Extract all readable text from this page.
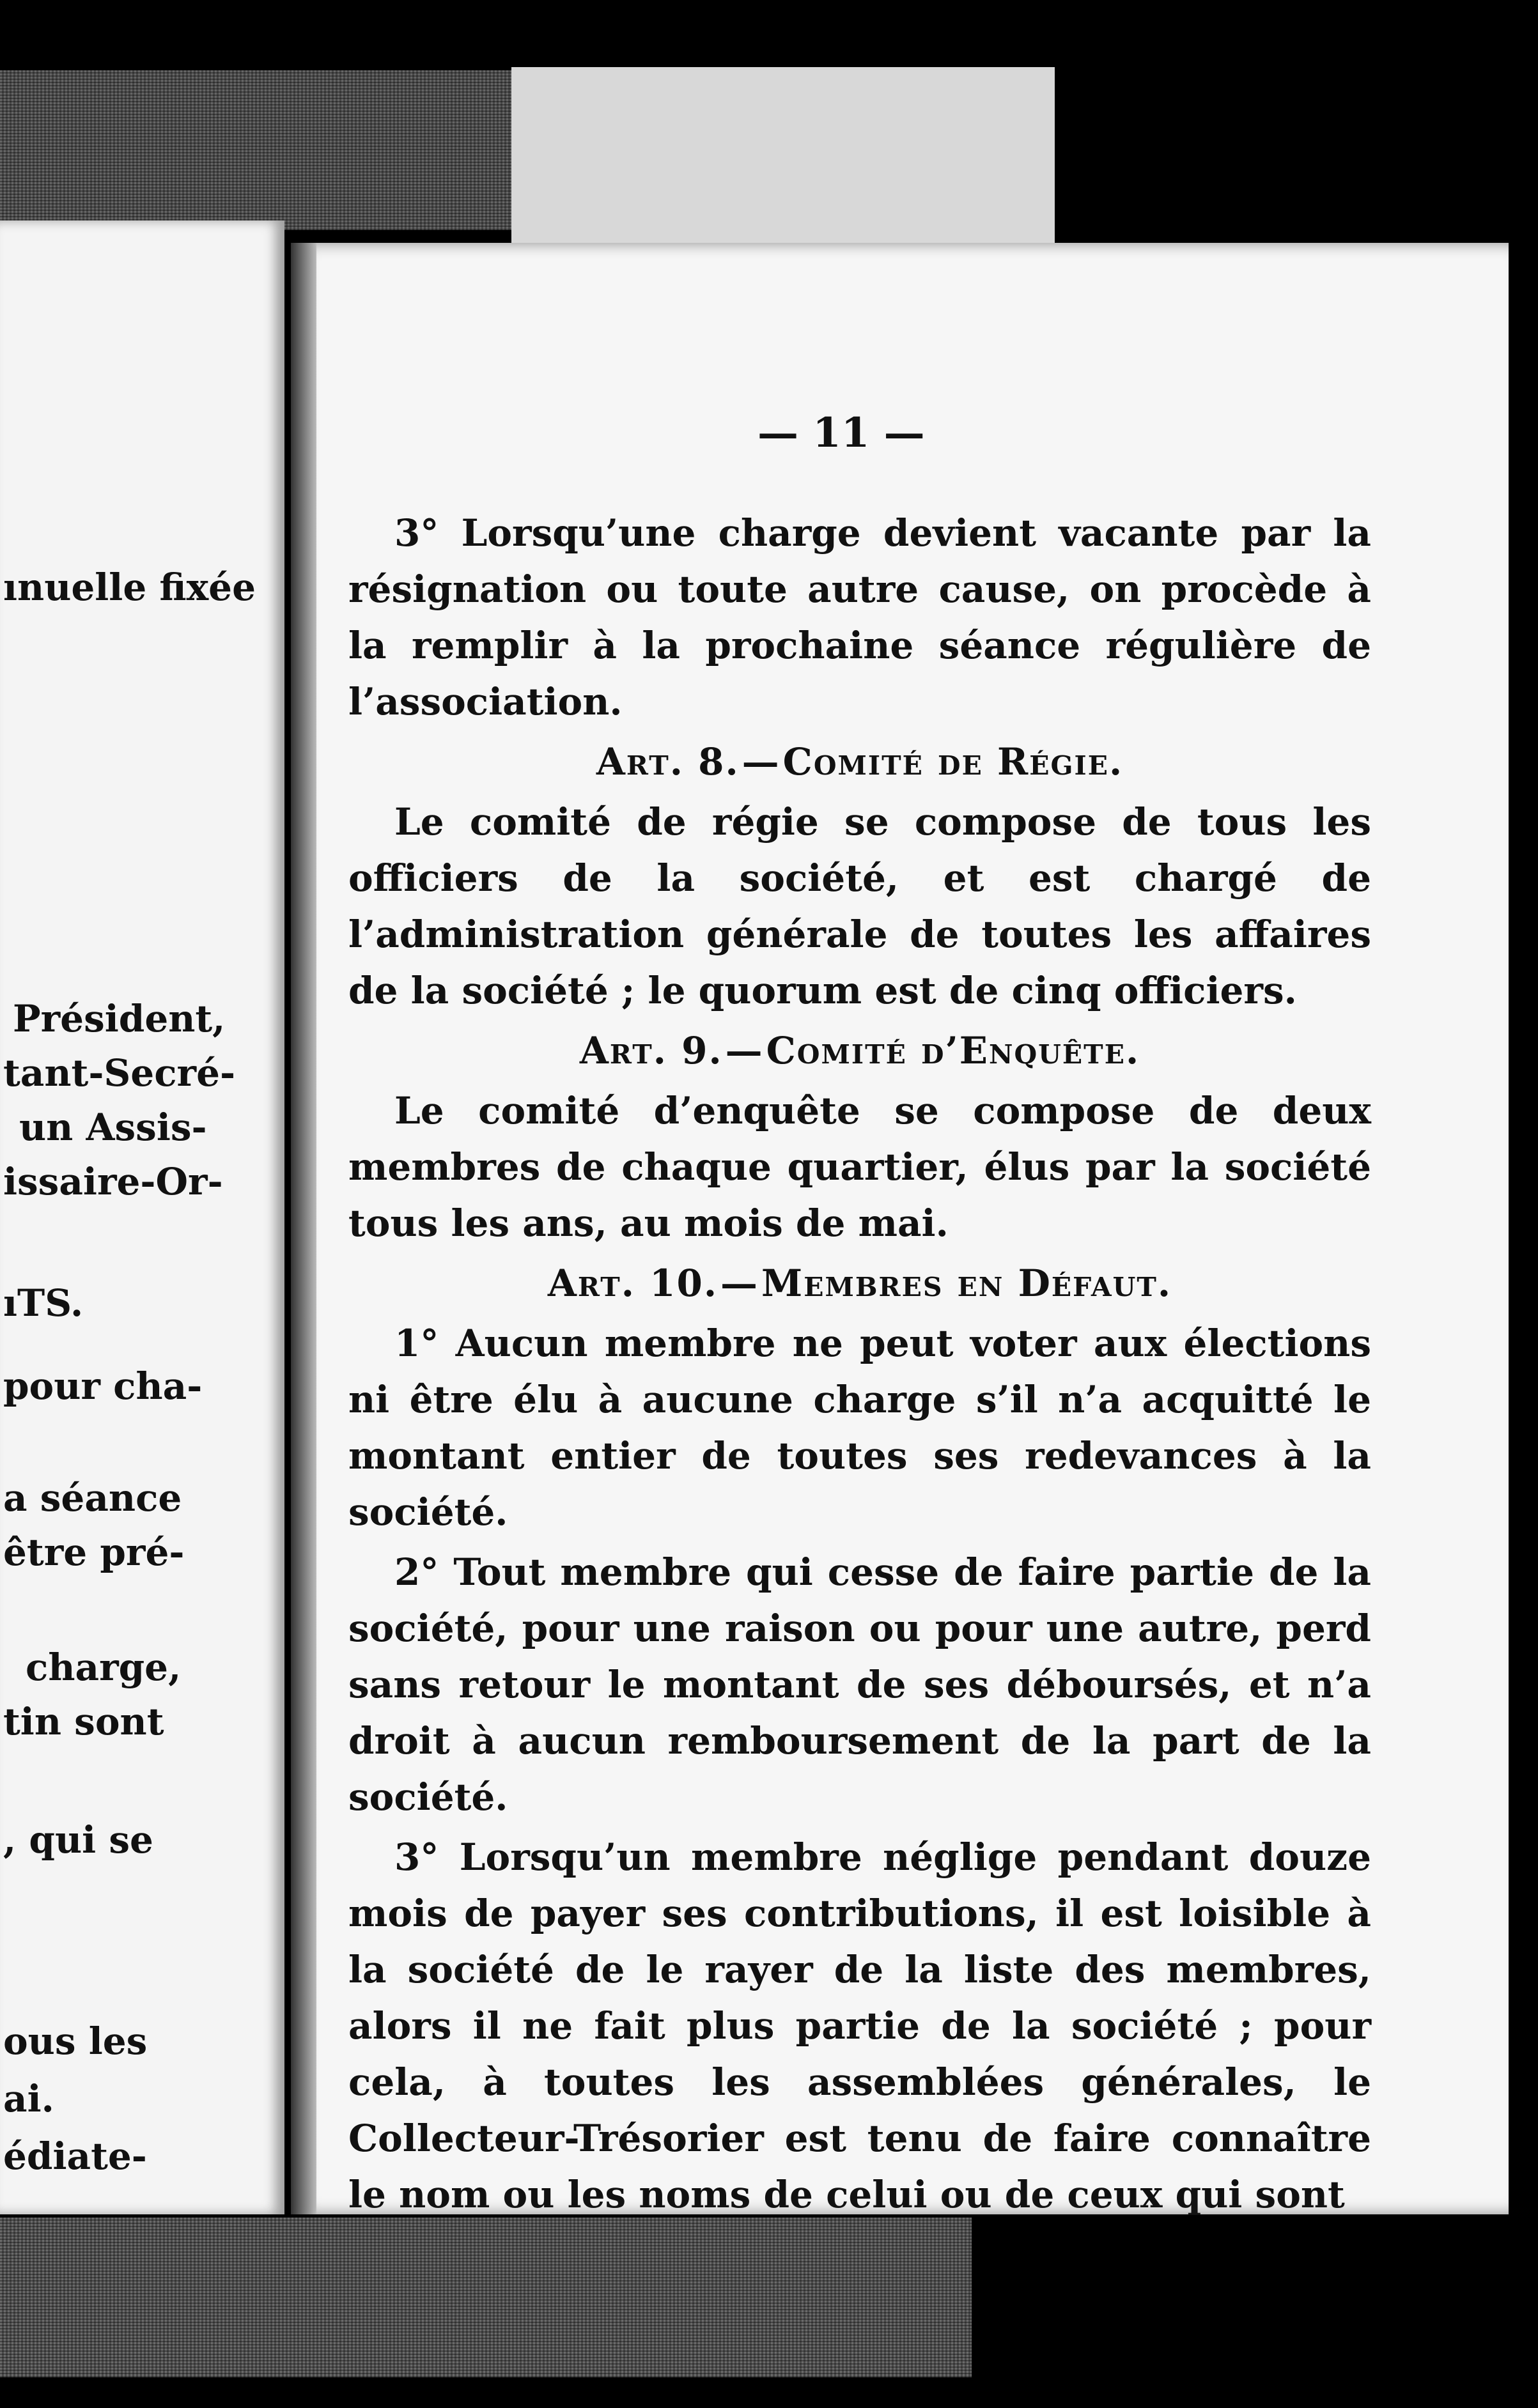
ınuelle fixée
Président,
tant-Secré-
un Assis-
issaire-Or-
ıTS.
pour cha-
a séance
être pré-
charge,
tin sont
, qui se
ous les
ai.
édiate-
— 11 —

3° Lorsqu’une charge devient vacante par la résignation ou toute autre cause, on procède à la remplir à la prochaine séance régulière de l’association.

Art. 8.—Comité de Régie.

Le comité de régie se compose de tous les officiers de la société, et est chargé de l’administration générale de toutes les affaires de la société ; le quorum est de cinq officiers.

Art. 9.—Comité d’Enquête.

Le comité d’enquête se compose de deux membres de chaque quartier, élus par la société tous les ans, au mois de mai.

Art. 10.—Membres en Défaut.

1° Aucun membre ne peut voter aux élections ni être élu à aucune charge s’il n’a acquitté le montant entier de toutes ses redevances à la société.

2° Tout membre qui cesse de faire partie de la société, pour une raison ou pour une autre, perd sans retour le montant de ses déboursés, et n’a droit à aucun remboursement de la part de la société.

3° Lorsqu’un membre néglige pendant douze mois de payer ses contributions, il est loisible à la société de le rayer de la liste des membres, alors il ne fait plus partie de la société ; pour cela, à toutes les assemblées générales, le Collecteur-Trésorier est tenu de faire connaître le nom ou les noms de celui ou de ceux qui sont
